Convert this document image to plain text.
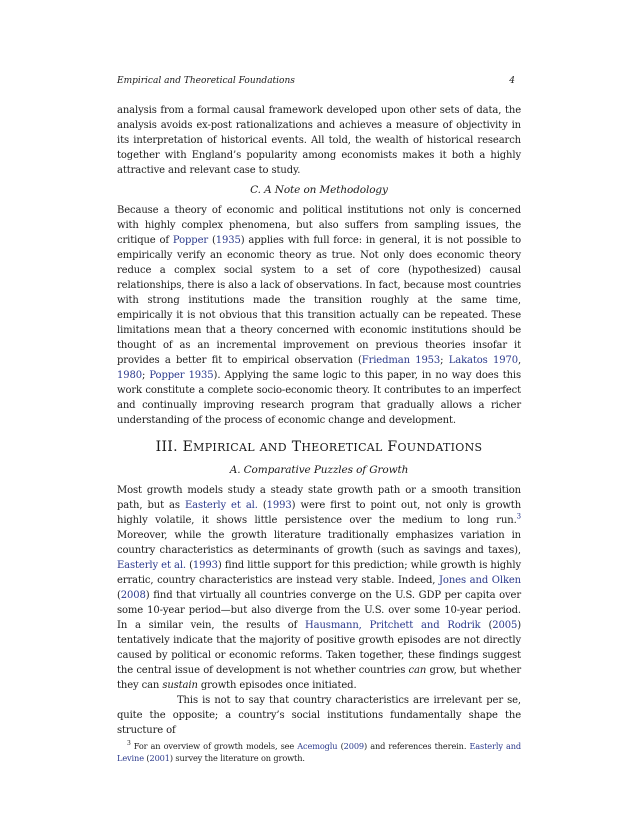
Empirical and Theoretical Foundations	4

analysis from a formal causal framework developed upon other sets of data, the analysis avoids ex-post rationalizations and achieves a measure of objectivity in its interpretation of historical events. All told, the wealth of historical research together with England’s popularity among economists makes it both a highly attractive and relevant case to study.

C. A Note on Methodology

Because a theory of economic and political institutions not only is concerned with highly complex phenomena, but also suffers from sampling issues, the critique of Popper (1935) applies with full force: in general, it is not possible to empirically verify an economic theory as true. Not only does economic theory reduce a complex social system to a set of core (hypothesized) causal relationships, there is also a lack of observations. In fact, because most countries with strong institutions made the transition roughly at the same time, empirically it is not obvious that this transition actually can be repeated. These limitations mean that a theory concerned with economic institutions should be thought of as an incremental improvement on previous theories insofar it provides a better fit to empirical observation (Friedman 1953; Lakatos 1970, 1980; Popper 1935). Applying the same logic to this paper, in no way does this work constitute a complete socio-economic theory. It contributes to an imperfect and continually improving research program that gradually allows a richer understanding of the process of economic change and development.

III. EMPIRICAL AND THEORETICAL FOUNDATIONS
A. Comparative Puzzles of Growth

Most growth models study a steady state growth path or a smooth transition path, but as Easterly et al. (1993) were first to point out, not only is growth highly volatile, it shows little persistence over the medium to long run.$^3$ Moreover, while the growth literature traditionally emphasizes variation in country characteristics as determinants of growth (such as savings and taxes), Easterly et al. (1993) find little support for this prediction; while growth is highly erratic, country characteristics are instead very stable. Indeed, Jones and Olken (2008) find that virtually all countries converge on the U.S. GDP per capita over some 10-year period—but also diverge from the U.S. over some 10-year period. In a similar vein, the results of Hausmann, Pritchett and Rodrik (2005) tentatively indicate that the majority of positive growth episodes are not directly caused by political or economic reforms. Taken together, these findings suggest the central issue of development is not whether countries can grow, but whether they can sustain growth episodes once initiated.

This is not to say that country characteristics are irrelevant per se, quite the opposite; a country’s social institutions fundamentally shape the structure of

$^3$ For an overview of growth models, see Acemoglu (2009) and references therein. Easterly and Levine (2001) survey the literature on growth.
